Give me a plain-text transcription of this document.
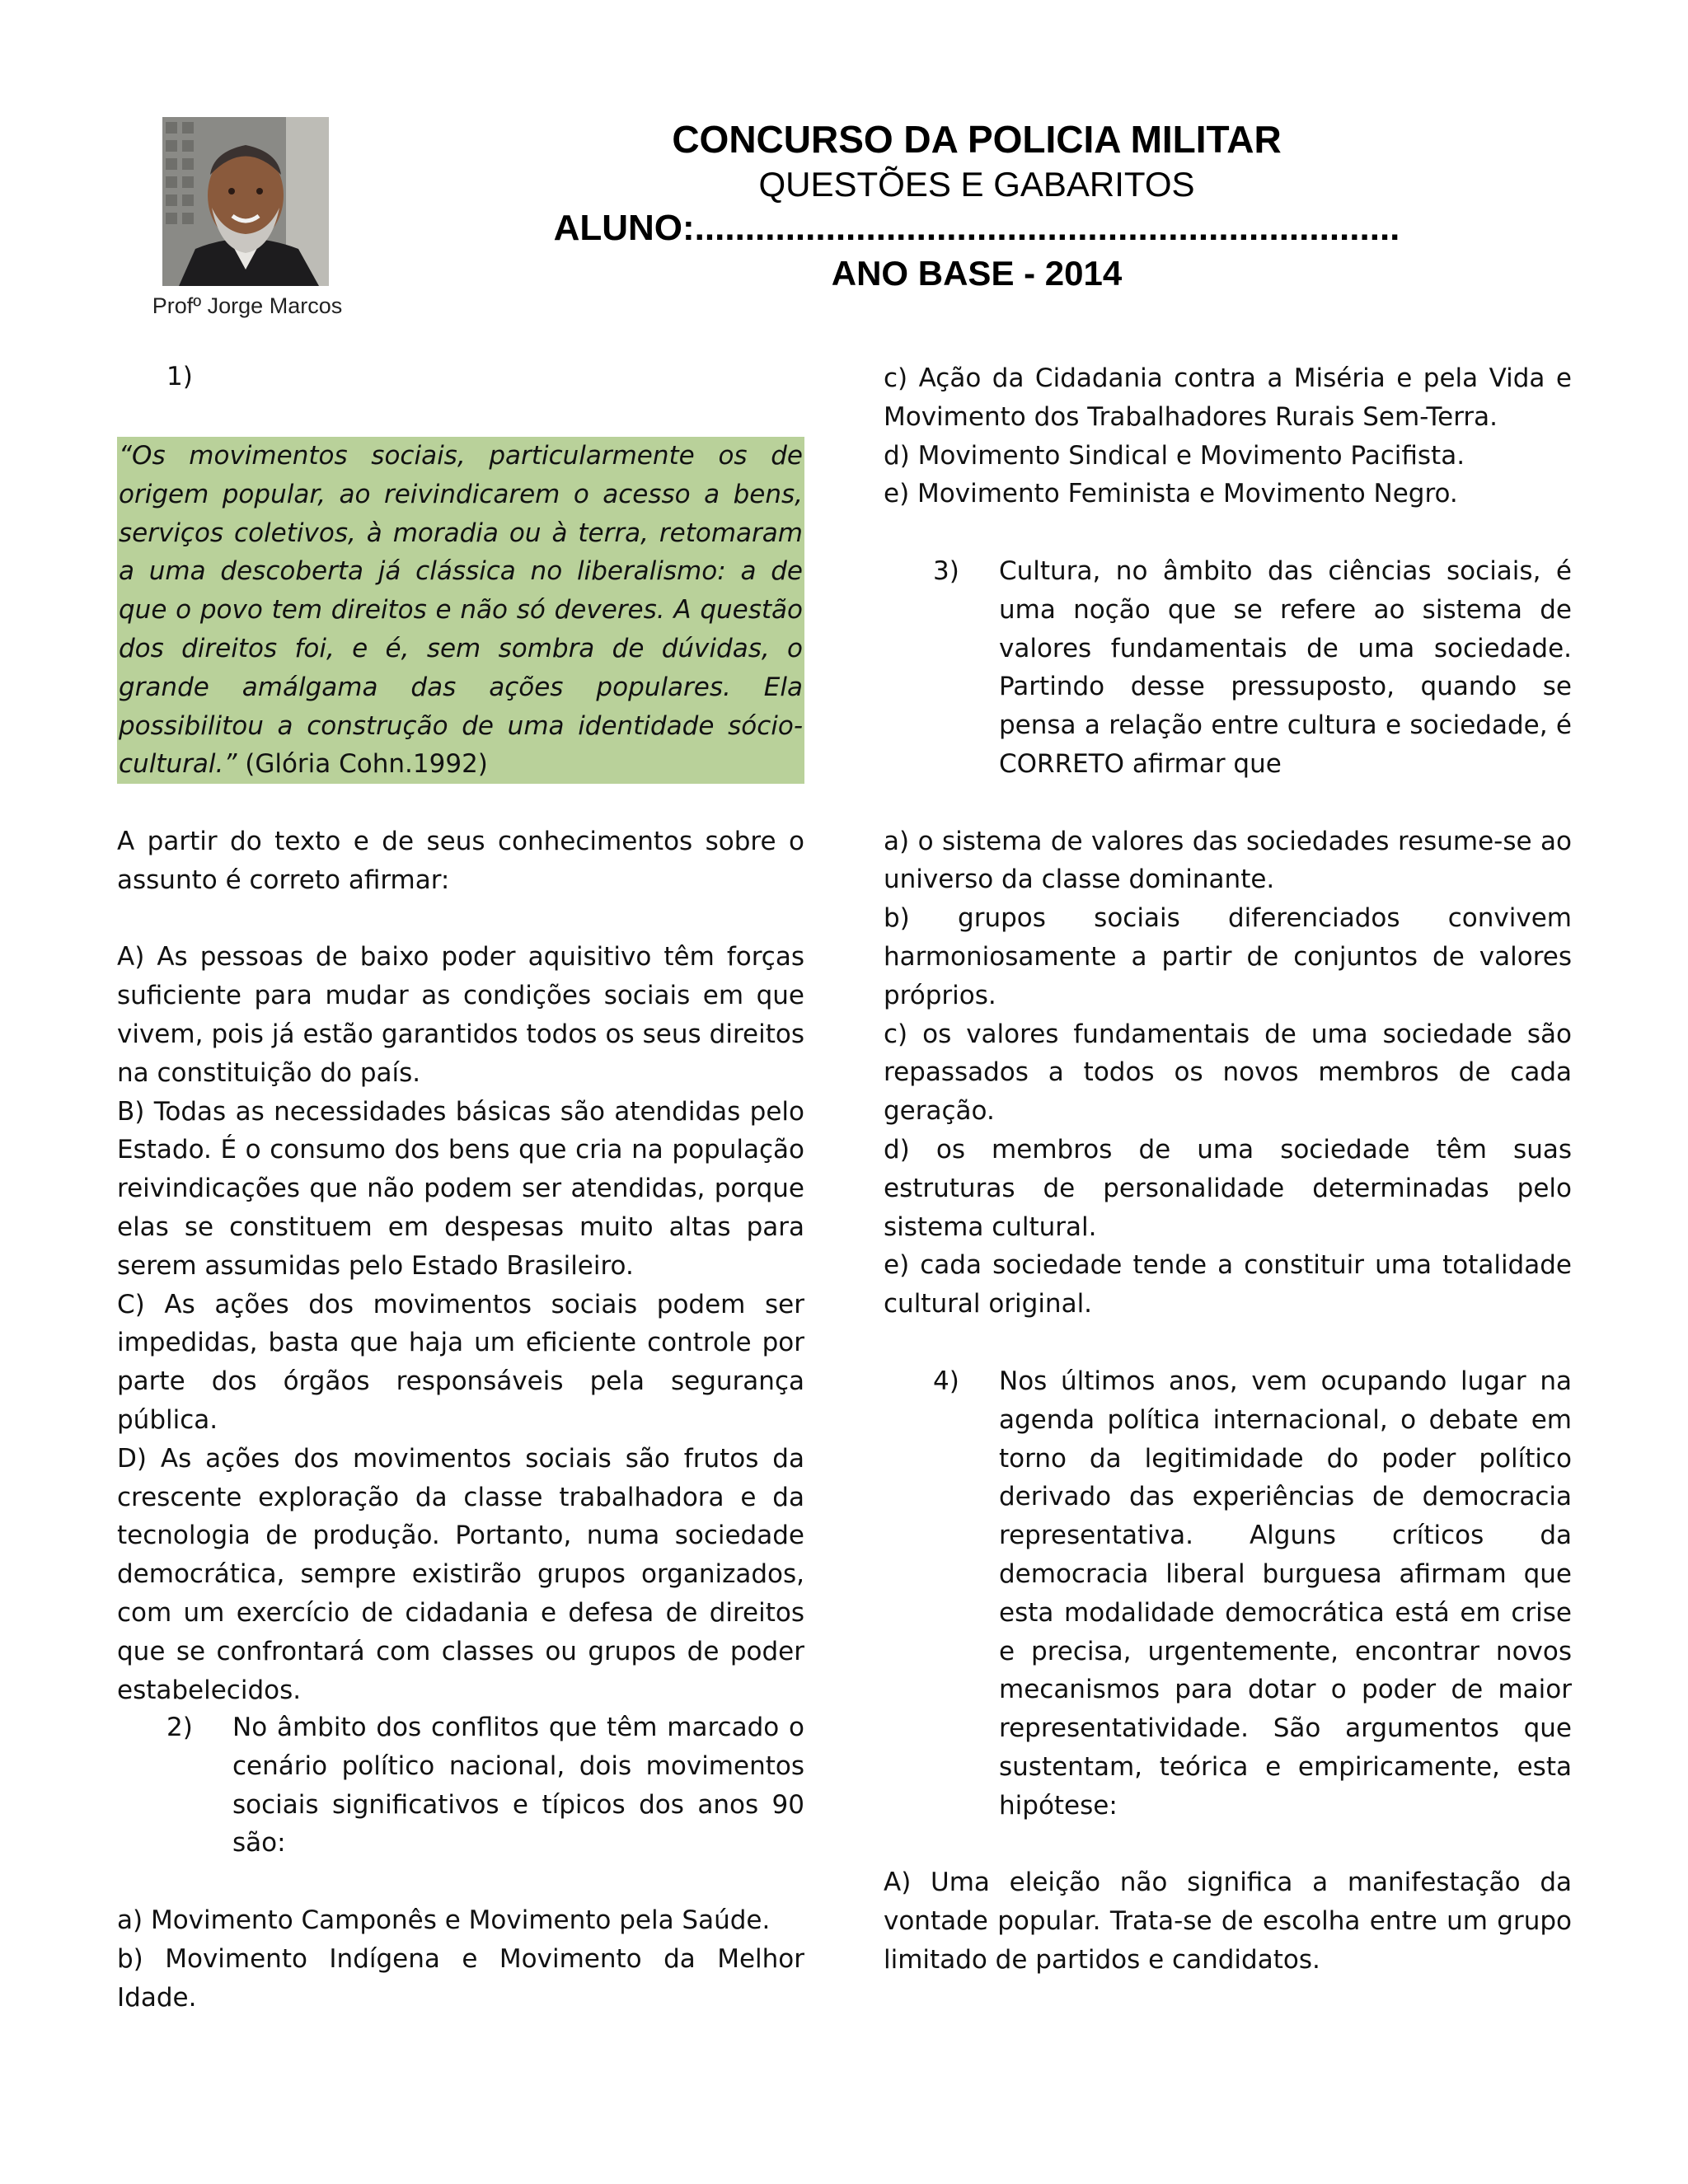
Profº Jorge Marcos
CONCURSO DA POLICIA MILITAR
QUESTÕES E GABARITOS
ALUNO:......................................................................
ANO BASE - 2014

1)

“Os movimentos sociais, particularmente os de origem popular, ao reivindicarem o acesso a bens, serviços coletivos, à moradia ou à terra, retomaram a uma descoberta já clássica no liberalismo: a de que o povo tem direitos e não só deveres. A questão dos direitos foi, e é, sem sombra de dúvidas, o grande amálgama das ações populares. Ela possibilitou a construção de uma identidade sócio-cultural.” (Glória Cohn.1992)

A partir do texto e de seus conhecimentos sobre o assunto é correto afirmar:

A) As pessoas de baixo poder aquisitivo têm forças suficiente para mudar as condições sociais em que vivem, pois já estão garantidos todos os seus direitos na constituição do país.

B) Todas as necessidades básicas são atendidas pelo Estado. É o consumo dos bens que cria na população reivindicações que não podem ser atendidas, porque elas se constituem em despesas muito altas para serem assumidas pelo Estado Brasileiro.

C) As ações dos movimentos sociais podem ser impedidas, basta que haja um eficiente controle por parte dos órgãos responsáveis pela segurança pública.

D) As ações dos movimentos sociais são frutos da crescente exploração da classe trabalhadora e da tecnologia de produção. Portanto, numa sociedade democrática, sempre existirão grupos organizados, com um exercício de cidadania e defesa de direitos que se confrontará com classes ou grupos de poder estabelecidos.

2)	No âmbito dos conflitos que têm marcado o cenário político nacional, dois movimentos sociais significativos e típicos dos anos 90 são:

a) Movimento Camponês e Movimento pela Saúde.

b) Movimento Indígena e Movimento da Melhor Idade.

c) Ação da Cidadania contra a Miséria e pela Vida e Movimento dos Trabalhadores Rurais Sem-Terra.

d) Movimento Sindical e Movimento Pacifista.

e) Movimento Feminista e Movimento Negro.

3)	Cultura, no âmbito das ciências sociais, é uma noção que se refere ao sistema de valores fundamentais de uma sociedade. Partindo desse pressuposto, quando se pensa a relação entre cultura e sociedade, é CORRETO afirmar que

a) o sistema de valores das sociedades resume-se ao universo da classe dominante.

b) grupos sociais diferenciados convivem harmoniosamente a partir de conjuntos de valores próprios.

c) os valores fundamentais de uma sociedade são repassados a todos os novos membros de cada geração.

d) os membros de uma sociedade têm suas estruturas de personalidade determinadas pelo sistema cultural.

e) cada sociedade tende a constituir uma totalidade cultural original.

4)	Nos últimos anos, vem ocupando lugar na agenda política internacional, o debate em torno da legitimidade do poder político derivado das experiências de democracia representativa. Alguns críticos da democracia liberal burguesa afirmam que esta modalidade democrática está em crise e precisa, urgentemente, encontrar novos mecanismos para dotar o poder de maior representatividade. São argumentos que sustentam, teórica e empiricamente, esta hipótese:

A) Uma eleição não significa a manifestação da vontade popular. Trata-se de escolha entre um grupo limitado de partidos e candidatos.
